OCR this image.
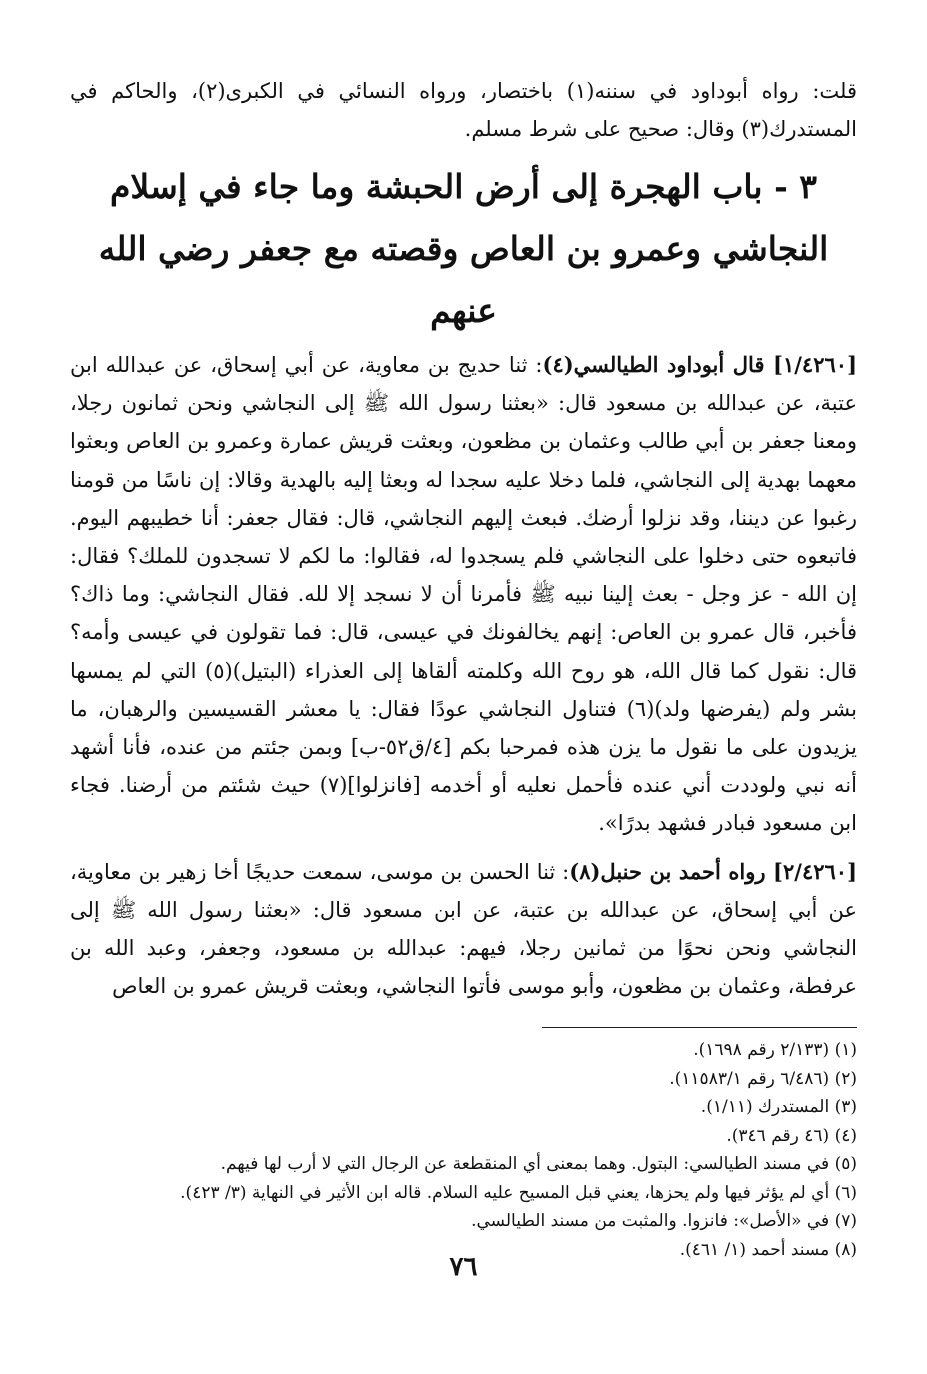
قلت: رواه أبوداود في سننه(١) باختصار، ورواه النسائي في الكبرى(٢)، والحاكم في المستدرك(٣) وقال: صحيح على شرط مسلم.

٣ - باب الهجرة إلى أرض الحبشة وما جاء في إسلام النجاشي وعمرو بن العاص وقصته مع جعفر رضي الله عنهم

[١/٤٢٦٠] قال أبوداود الطيالسي(٤): ثنا حديج بن معاوية، عن أبي إسحاق، عن عبدالله ابن عتبة، عن عبدالله بن مسعود قال: «بعثنا رسول الله ﷺ إلى النجاشي ونحن ثمانون رجلا، ومعنا جعفر بن أبي طالب وعثمان بن مظعون، وبعثت قريش عمارة وعمرو بن العاص وبعثوا معهما بهدية إلى النجاشي، فلما دخلا عليه سجدا له وبعثا إليه بالهدية وقالا: إن ناسًا من قومنا رغبوا عن ديننا، وقد نزلوا أرضك. فبعث إليهم النجاشي، قال: فقال جعفر: أنا خطيبهم اليوم. فاتبعوه حتى دخلوا على النجاشي فلم يسجدوا له، فقالوا: ما لكم لا تسجدون للملك؟ فقال: إن الله - عز وجل - بعث إلينا نبيه ﷺ فأمرنا أن لا نسجد إلا لله. فقال النجاشي: وما ذاك؟ فأخبر، قال عمرو بن العاص: إنهم يخالفونك في عيسى، قال: فما تقولون في عيسى وأمه؟ قال: نقول كما قال الله، هو روح الله وكلمته ألقاها إلى العذراء (البتيل)(٥) التي لم يمسها بشر ولم (يفرضها ولد)(٦) فتناول النجاشي عودًا فقال: يا معشر القسيسين والرهبان، ما يزيدون على ما نقول ما يزن هذه فمرحبا بكم [٤/ق٥٢-ب] وبمن جئتم من عنده، فأنا أشهد أنه نبي ولوددت أني عنده فأحمل نعليه أو أخدمه [فانزلوا](٧) حيث شئتم من أرضنا. فجاء ابن مسعود فبادر فشهد بدرًا».

[٢/٤٢٦٠] رواه أحمد بن حنبل(٨): ثنا الحسن بن موسى، سمعت حديجًا أخا زهير بن معاوية، عن أبي إسحاق، عن عبدالله بن عتبة، عن ابن مسعود قال: «بعثنا رسول الله ﷺ إلى النجاشي ونحن نحوًا من ثمانين رجلا، فيهم: عبدالله بن مسعود، وجعفر، وعبد الله بن عرفطة، وعثمان بن مظعون، وأبو موسى فأتوا النجاشي، وبعثت قريش عمرو بن العاص

(١) (٢/١٣٣ رقم ١٦٩٨).
(٢) (٦/٤٨٦ رقم ١١٥٨٣/١).
(٣) المستدرك (١/١١).
(٤) (٤٦ رقم ٣٤٦).
(٥) في مسند الطيالسي: البتول. وهما بمعنى أي المنقطعة عن الرجال التي لا أرب لها فيهم.
(٦) أي لم يؤثر فيها ولم يحزها، يعني قبل المسيح عليه السلام. قاله ابن الأثير في النهاية (٣/ ٤٢٣).
(٧) في «الأصل»: فانزوا. والمثبت من مسند الطيالسي.
(٨) مسند أحمد (١/ ٤٦١).
٧٦
